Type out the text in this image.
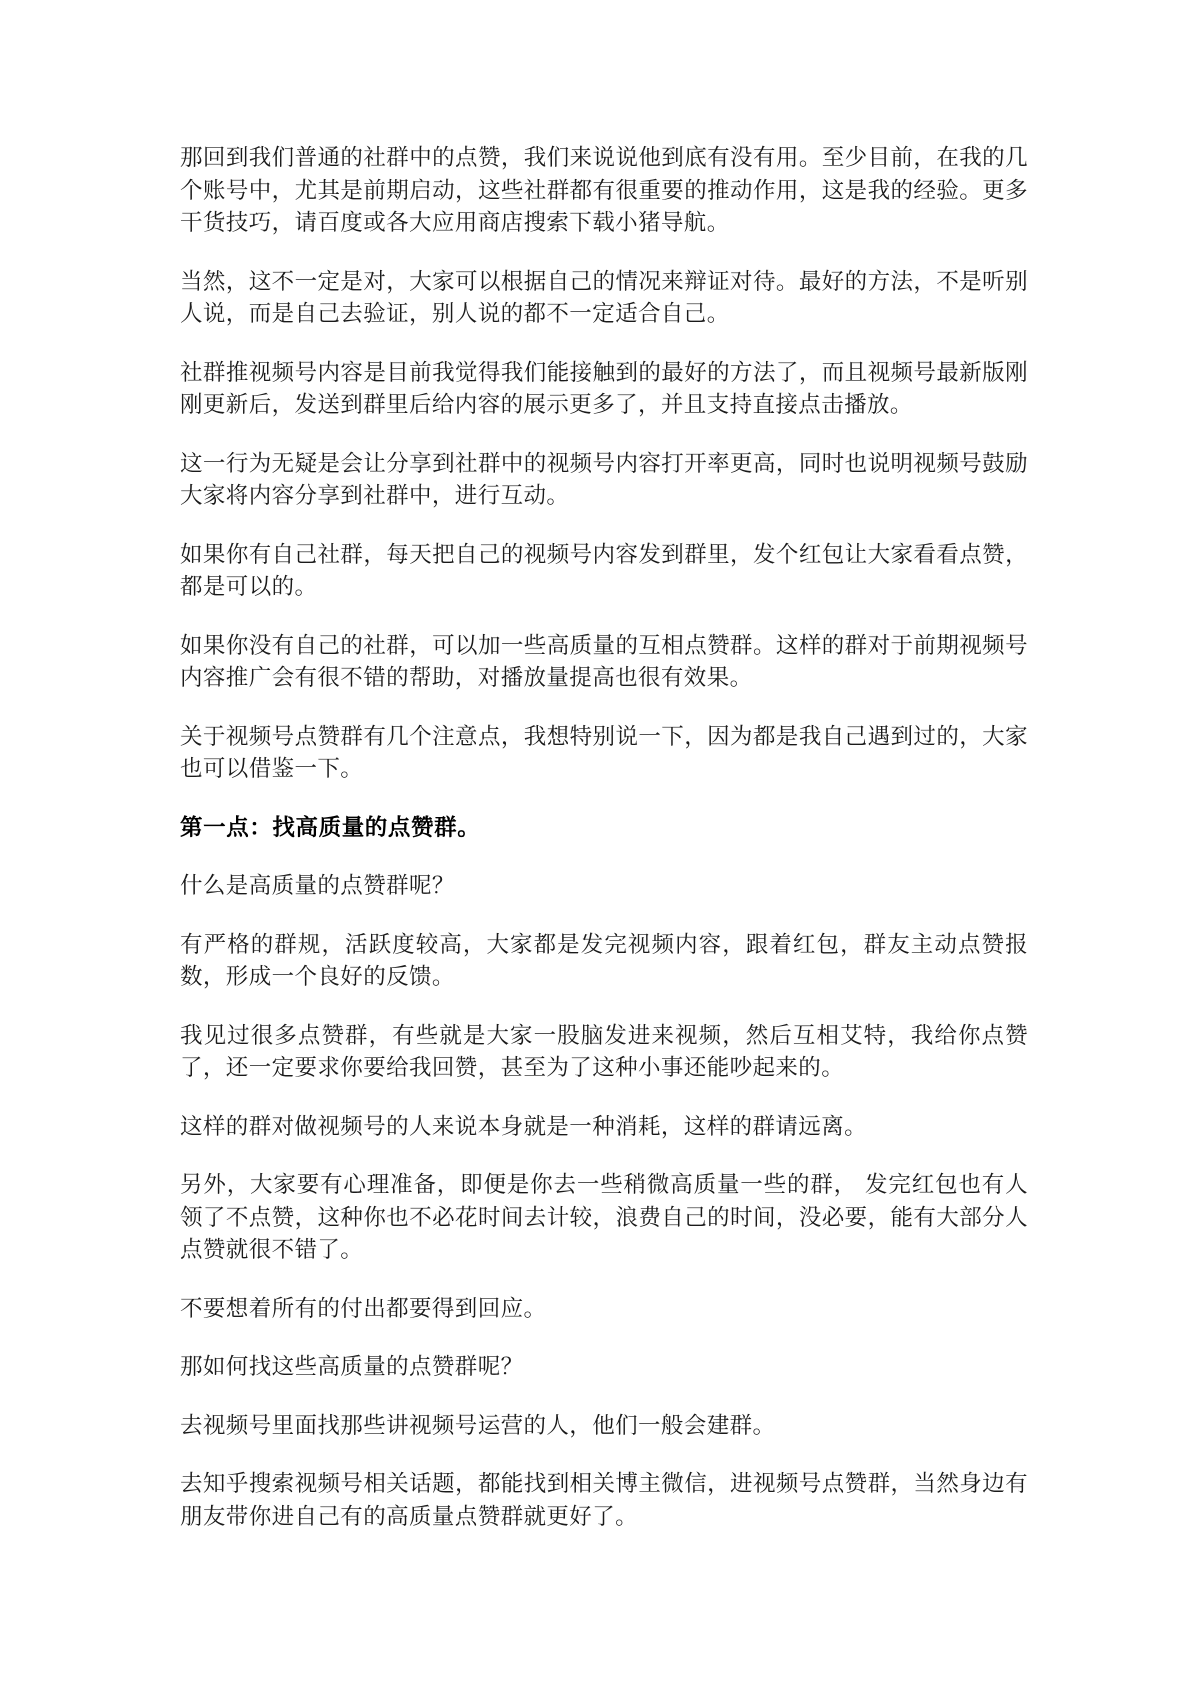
那回到我们普通的社群中的点赞，我们来说说他到底有没有用。至少目前，在我的几个账号中，尤其是前期启动，这些社群都有很重要的推动作用，这是我的经验。更多干货技巧，请百度或各大应用商店搜索下载小猪导航。

当然，这不一定是对，大家可以根据自己的情况来辩证对待。最好的方法，不是听别人说，而是自己去验证，别人说的都不一定适合自己。

社群推视频号内容是目前我觉得我们能接触到的最好的方法了，而且视频号最新版刚刚更新后，发送到群里后给内容的展示更多了，并且支持直接点击播放。

这一行为无疑是会让分享到社群中的视频号内容打开率更高，同时也说明视频号鼓励大家将内容分享到社群中，进行互动。

如果你有自己社群，每天把自己的视频号内容发到群里，发个红包让大家看看点赞，都是可以的。

如果你没有自己的社群，可以加一些高质量的互相点赞群。这样的群对于前期视频号内容推广会有很不错的帮助，对播放量提高也很有效果。

关于视频号点赞群有几个注意点，我想特别说一下，因为都是我自己遇到过的，大家也可以借鉴一下。

第一点：找高质量的点赞群。

什么是高质量的点赞群呢？

有严格的群规，活跃度较高，大家都是发完视频内容，跟着红包，群友主动点赞报数，形成一个良好的反馈。

我见过很多点赞群，有些就是大家一股脑发进来视频，然后互相艾特，我给你点赞了，还一定要求你要给我回赞，甚至为了这种小事还能吵起来的。

这样的群对做视频号的人来说本身就是一种消耗，这样的群请远离。

另外，大家要有心理准备，即便是你去一些稍微高质量一些的群， 发完红包也有人领了不点赞，这种你也不必花时间去计较，浪费自己的时间，没必要，能有大部分人点赞就很不错了。

不要想着所有的付出都要得到回应。

那如何找这些高质量的点赞群呢？

去视频号里面找那些讲视频号运营的人，他们一般会建群。

去知乎搜索视频号相关话题，都能找到相关博主微信，进视频号点赞群，当然身边有朋友带你进自己有的高质量点赞群就更好了。
